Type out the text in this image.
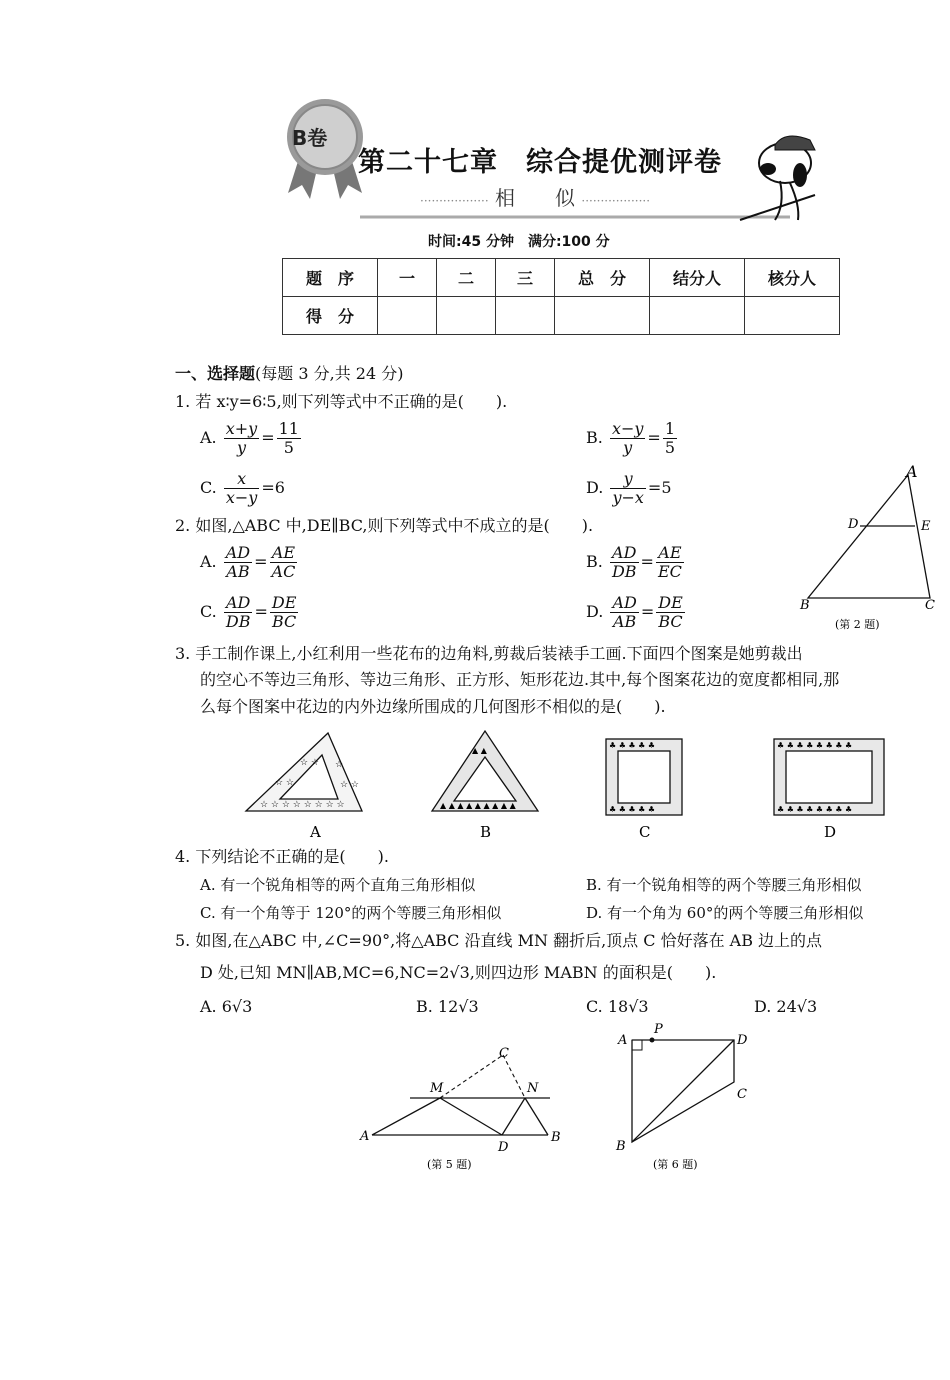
B卷
第二十七章　综合提优测评卷
·················· 相　　似 ··················
时间:45 分钟　满分:100 分
题　序	一	二	三	总　分	结分人	核分人
得　分						
一、选择题(每题 3 分,共 24 分)
1. 若 x∶y=6∶5,则下列等式中不正确的是(　　).
A. $\frac{x+y}{y} = \frac{11}{5}$	B. $\frac{x-y}{y} = \frac{1}{5}$
C. $\frac{x}{x-y} =6$	D. $\frac{y}{y-x} =5$
2. 如图,△ABC 中,DE∥BC,则下列等式中不成立的是(　　).
A. $\frac{AD}{AB} = \frac{AE}{AC}$	B. $\frac{AD}{DB} = \frac{AE}{EC}$
C. $\frac{AD}{DB} = \frac{DE}{BC}$	D. $\frac{AD}{AB} = \frac{DE}{BC}$
A
D	E
B	C
(第 2 题)
3. 手工制作课上,小红利用一些花布的边角料,剪裁后装裱手工画.下面四个图案是她剪裁出
的空心不等边三角形、等边三角形、正方形、矩形花边.其中,每个图案花边的宽度都相同,那
么每个图案中花边的内外边缘所围成的几何图形不相似的是(　　).
☆ ☆ ☆ ☆ ☆ ☆ ☆ ☆
☆ ☆
☆ ☆
☆
☆ ☆
▲ ▲ ▲ ▲ ▲ ▲ ▲ ▲ ▲
▲ ▲
♣ ♣ ♣ ♣ ♣
♣ ♣ ♣ ♣ ♣
♣ ♣ ♣ ♣ ♣ ♣ ♣ ♣
♣ ♣ ♣ ♣ ♣ ♣ ♣ ♣
A	B	C	D
4. 下列结论不正确的是(　　).
A. 有一个锐角相等的两个直角三角形相似	B. 有一个锐角相等的两个等腰三角形相似
C. 有一个角等于 120°的两个等腰三角形相似	D. 有一个角为 60°的两个等腰三角形相似
5. 如图,在△ABC 中,∠C=90°,将△ABC 沿直线 MN 翻折后,顶点 C 恰好落在 AB 边上的点
D 处,已知 MN∥AB,MC=6,NC=2√3,则四边形 MABN 的面积是(　　).
A. 6√3	B. 12√3	C. 18√3	D. 24√3
C
M	N
A
D
B
(第 5 题)
A
P
D
C
B
(第 6 题)
